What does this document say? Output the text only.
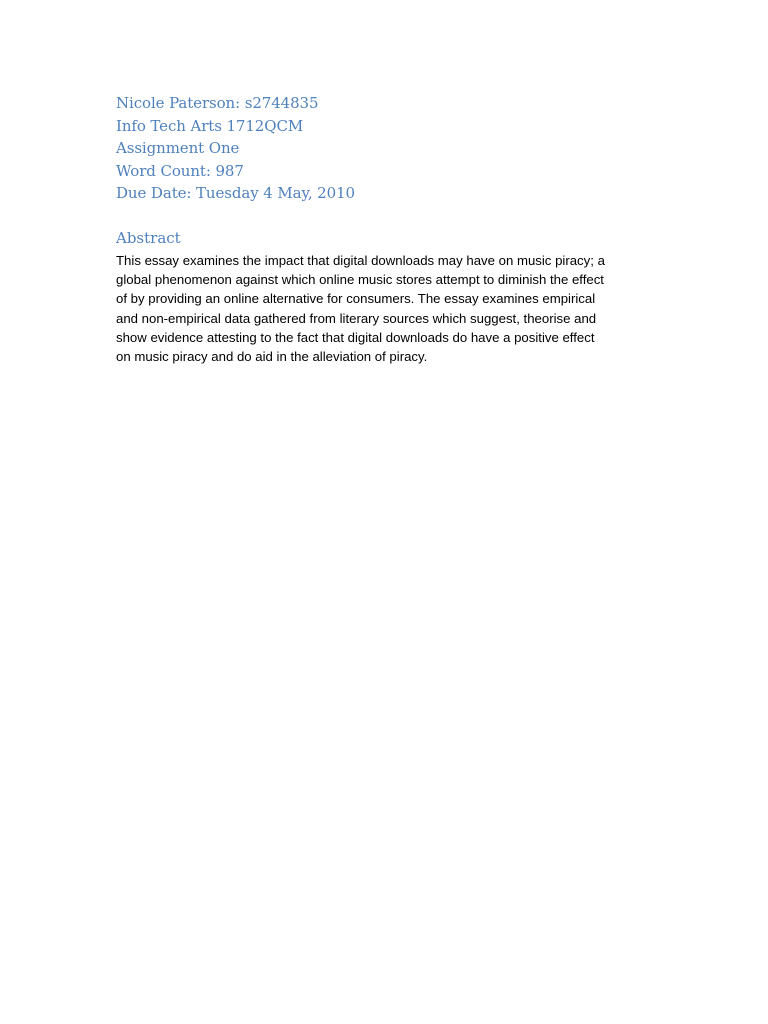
Nicole Paterson: s2744835
Info Tech Arts 1712QCM
Assignment One
Word Count: 987
Due Date: Tuesday 4 May, 2010
Abstract
This essay examines the impact that digital downloads may have on music piracy; a
global phenomenon against which online music stores attempt to diminish the effect
of by providing an online alternative for consumers. The essay examines empirical
and non-empirical data gathered from literary sources which suggest, theorise and
show evidence attesting to the fact that digital downloads do have a positive effect
on music piracy and do aid in the alleviation of piracy.
